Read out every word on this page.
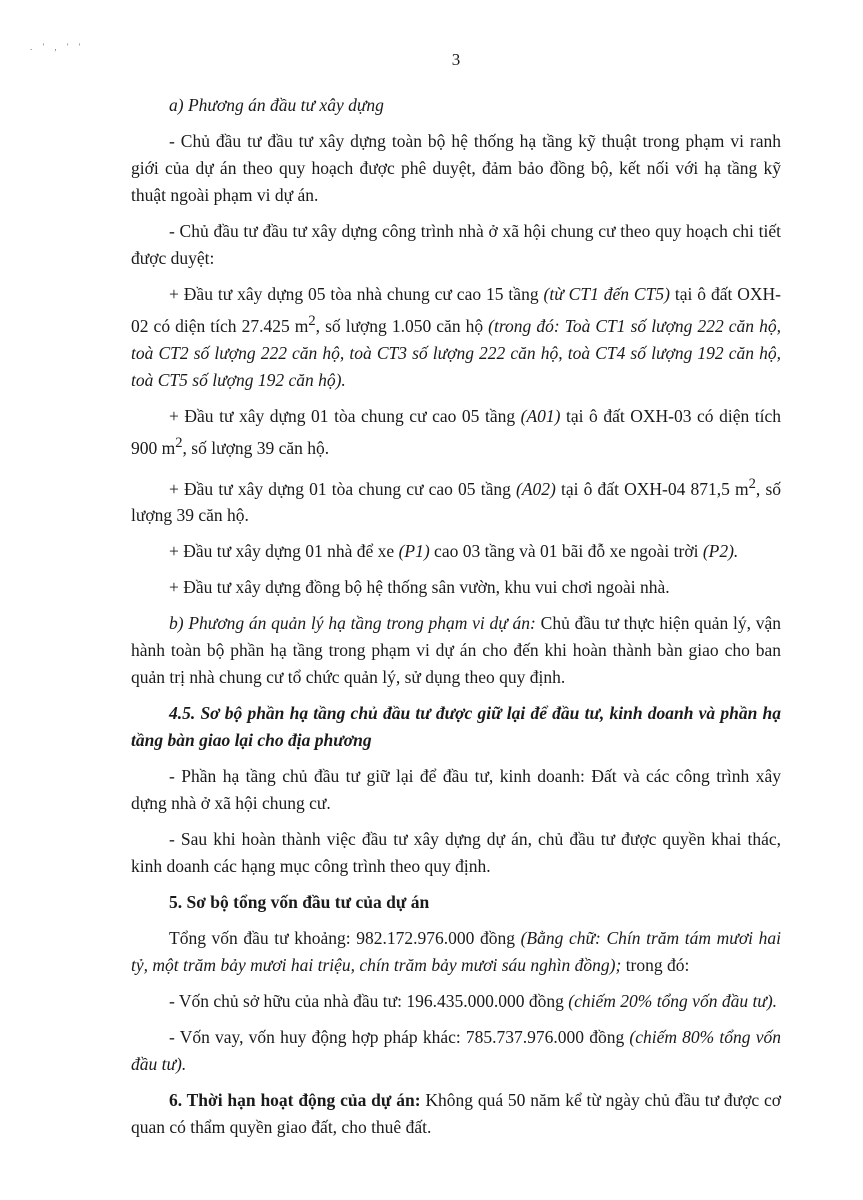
. ' , ' '
3

a) Phương án đầu tư xây dựng

- Chủ đầu tư đầu tư xây dựng toàn bộ hệ thống hạ tầng kỹ thuật trong phạm vi ranh giới của dự án theo quy hoạch được phê duyệt, đảm bảo đồng bộ, kết nối với hạ tầng kỹ thuật ngoài phạm vi dự án.

- Chủ đầu tư đầu tư xây dựng công trình nhà ở xã hội chung cư theo quy hoạch chi tiết được duyệt:

+ Đầu tư xây dựng 05 tòa nhà chung cư cao 15 tầng (từ CT1 đến CT5) tại ô đất OXH-02 có diện tích 27.425 $m^2$, số lượng 1.050 căn hộ (trong đó: Toà CT1 số lượng 222 căn hộ, toà CT2 số lượng 222 căn hộ, toà CT3 số lượng 222 căn hộ, toà CT4 số lượng 192 căn hộ, toà CT5 số lượng 192 căn hộ).

+ Đầu tư xây dựng 01 tòa chung cư cao 05 tầng (A01) tại ô đất OXH-03 có diện tích 900 $m^2$, số lượng 39 căn hộ.

+ Đầu tư xây dựng 01 tòa chung cư cao 05 tầng (A02) tại ô đất OXH-04 871,5 $m^2$, số lượng 39 căn hộ.

+ Đầu tư xây dựng 01 nhà để xe (P1) cao 03 tầng và 01 bãi đỗ xe ngoài trời (P2).

+ Đầu tư xây dựng đồng bộ hệ thống sân vườn, khu vui chơi ngoài nhà.

b) Phương án quản lý hạ tầng trong phạm vi dự án: Chủ đầu tư thực hiện quản lý, vận hành toàn bộ phần hạ tầng trong phạm vi dự án cho đến khi hoàn thành bàn giao cho ban quản trị nhà chung cư tổ chức quản lý, sử dụng theo quy định.

4.5. Sơ bộ phần hạ tầng chủ đầu tư được giữ lại để đầu tư, kinh doanh và phần hạ tầng bàn giao lại cho địa phương

- Phần hạ tầng chủ đầu tư giữ lại để đầu tư, kinh doanh: Đất và các công trình xây dựng nhà ở xã hội chung cư.

- Sau khi hoàn thành việc đầu tư xây dựng dự án, chủ đầu tư được quyền khai thác, kinh doanh các hạng mục công trình theo quy định.

5. Sơ bộ tổng vốn đầu tư của dự án

Tổng vốn đầu tư khoảng: 982.172.976.000 đồng (Bằng chữ: Chín trăm tám mươi hai tỷ, một trăm bảy mươi hai triệu, chín trăm bảy mươi sáu nghìn đồng); trong đó:

- Vốn chủ sở hữu của nhà đầu tư: 196.435.000.000 đồng (chiếm 20% tổng vốn đầu tư).

- Vốn vay, vốn huy động hợp pháp khác: 785.737.976.000 đồng (chiếm 80% tổng vốn đầu tư).

6. Thời hạn hoạt động của dự án: Không quá 50 năm kể từ ngày chủ đầu tư được cơ quan có thẩm quyền giao đất, cho thuê đất.
